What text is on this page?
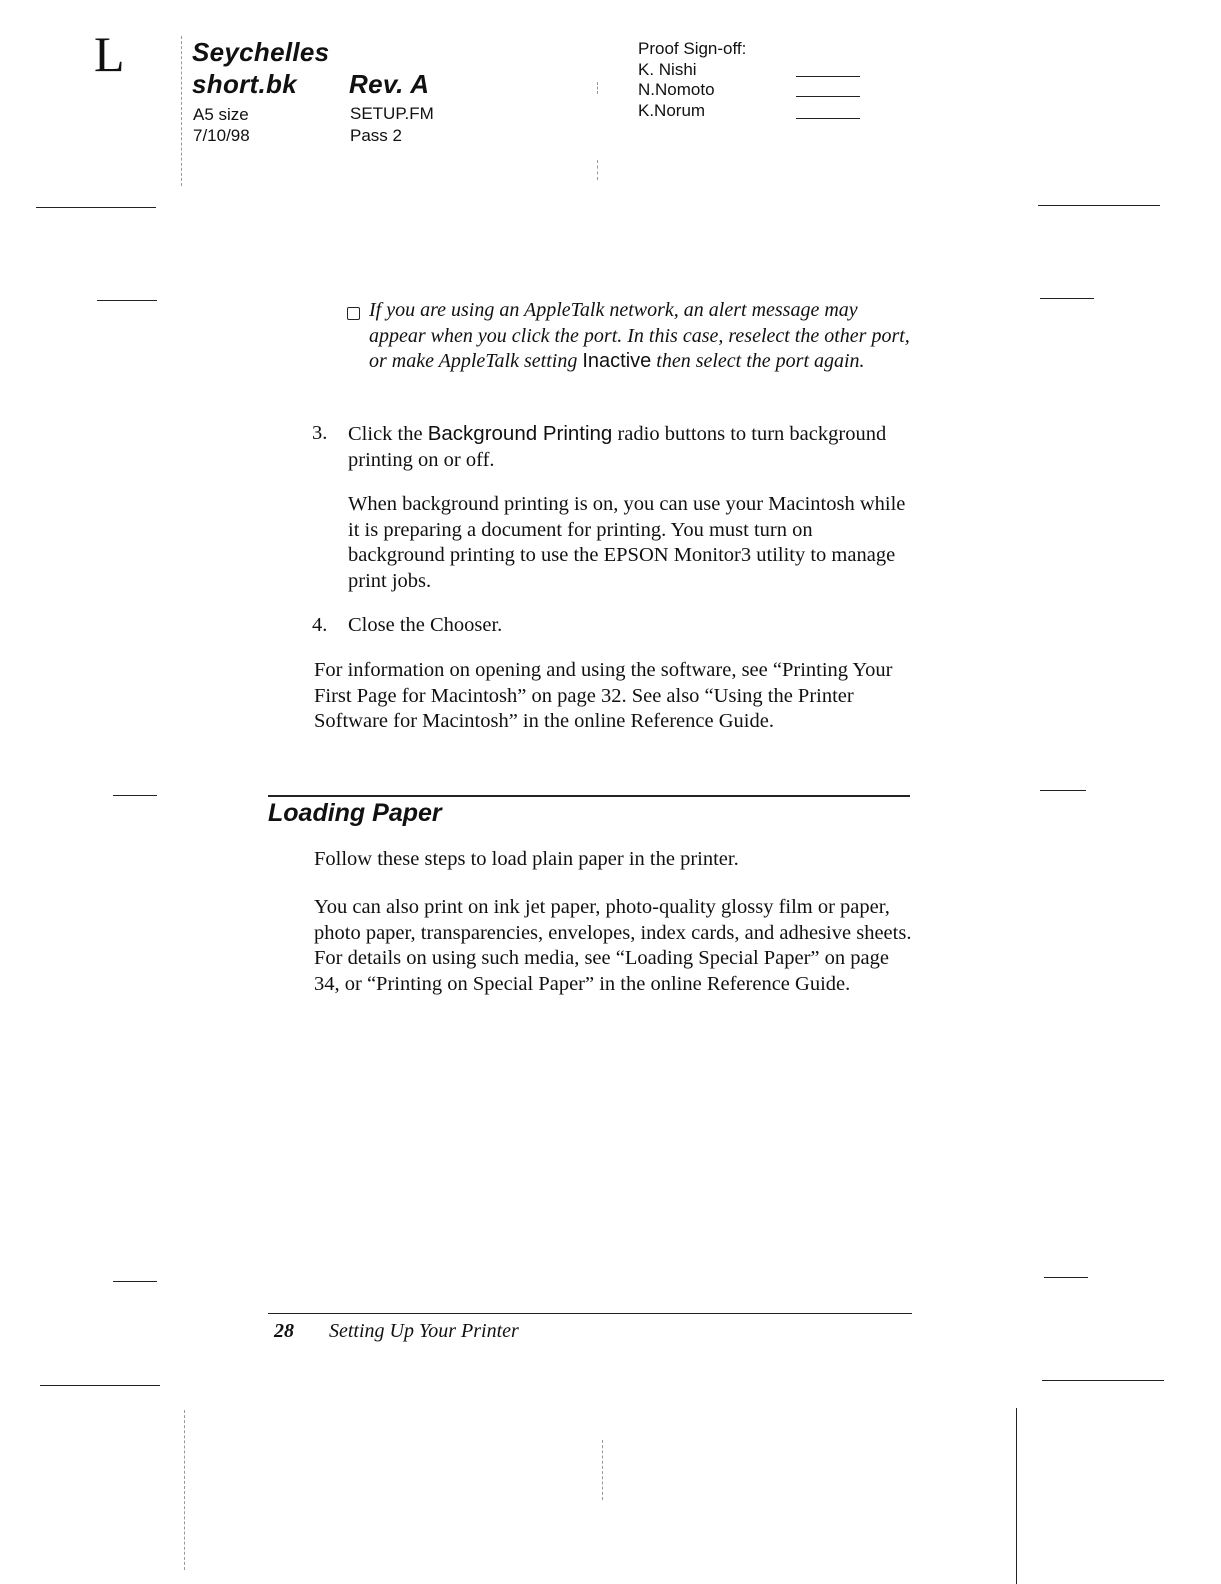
L	Seychelles
short.bk Rev. A
A5 size
7/10/98
SETUP.FM
Pass 2
Proof Sign-off:
K. Nishi
N.Nomoto
K.Norum
If you are using an AppleTalk network, an alert message may appear when you click the port. In this case, reselect the other port, or make AppleTalk setting Inactive then select the port again.
3. Click the Background Printing radio buttons to turn background printing on or off.
When background printing is on, you can use your Macintosh while it is preparing a document for printing. You must turn on background printing to use the EPSON Monitor3 utility to manage print jobs.
4. Close the Chooser.
For information on opening and using the software, see “Printing Your First Page for Macintosh” on page 32. See also “Using the Printer Software for Macintosh” in the online Reference Guide.
Loading Paper
Follow these steps to load plain paper in the printer.
You can also print on ink jet paper, photo-quality glossy film or paper, photo paper, transparencies, envelopes, index cards, and adhesive sheets. For details on using such media, see “Loading Special Paper” on page 34, or “Printing on Special Paper” in the online Reference Guide.
28 Setting Up Your Printer
